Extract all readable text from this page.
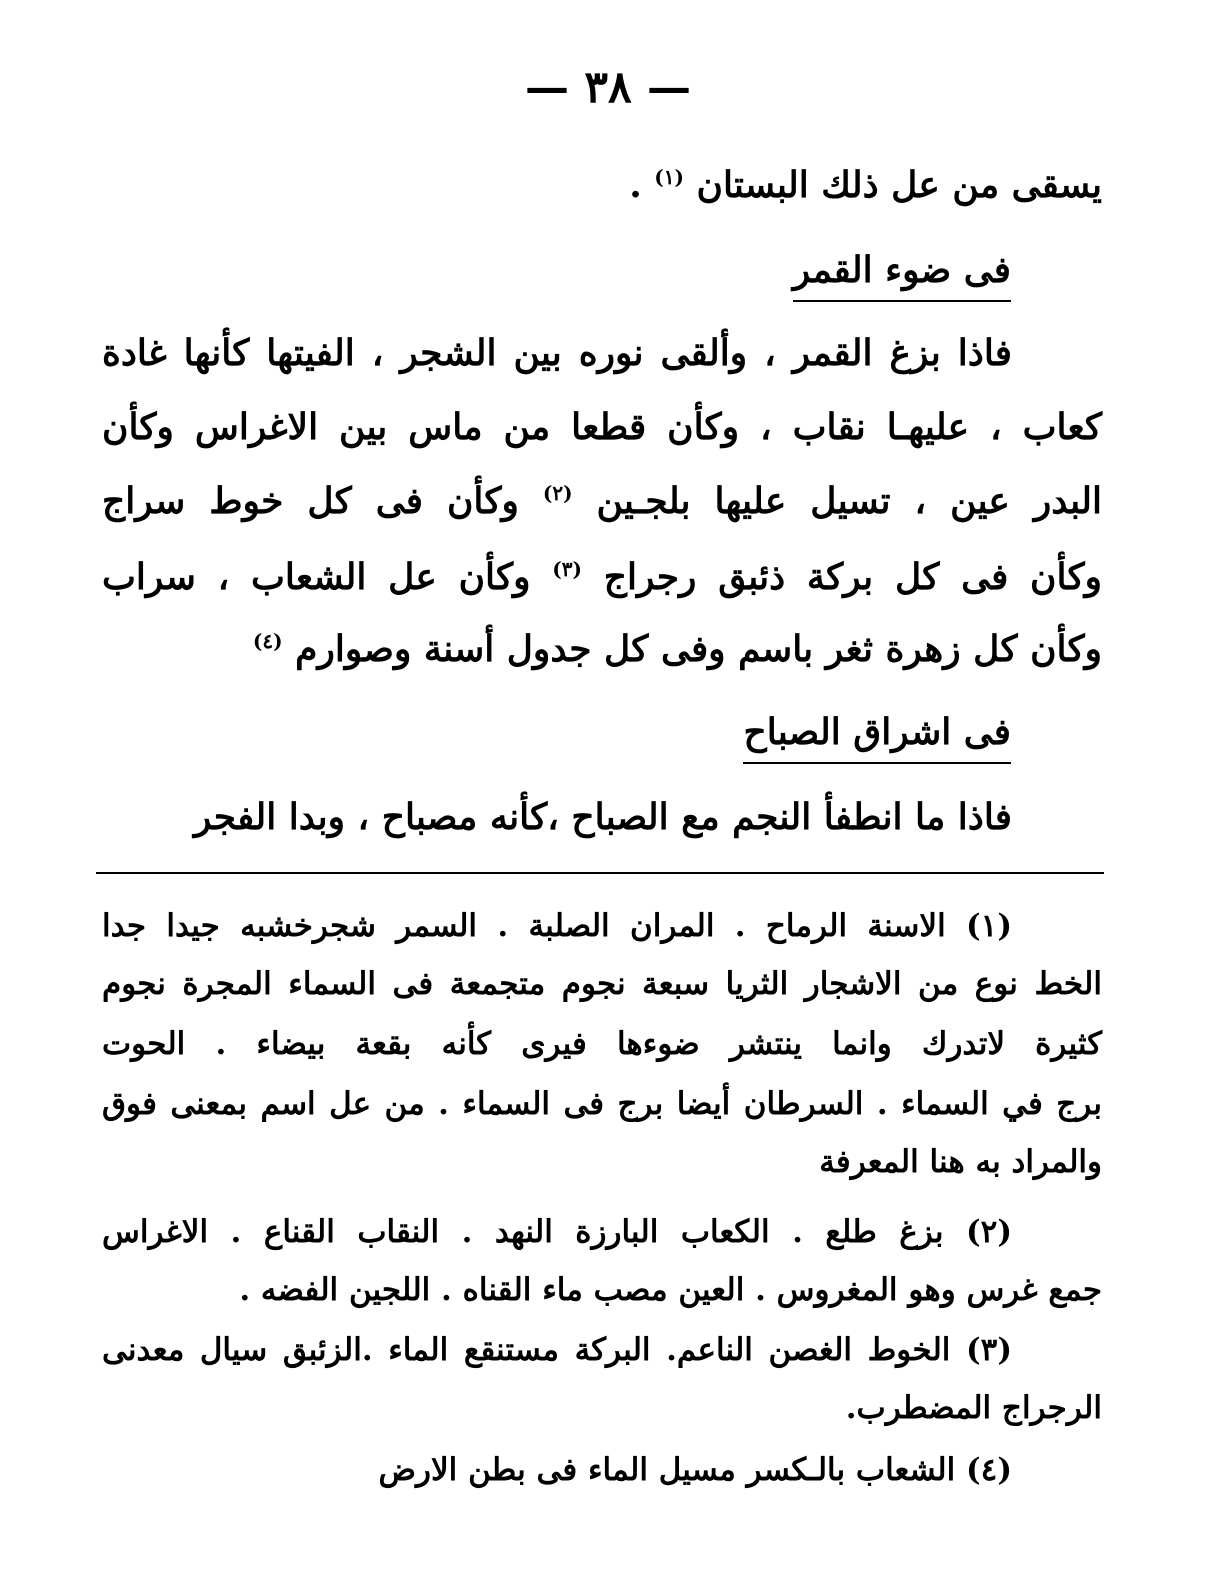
— ٣٨ —
يسقى من عل ذلك البستان $^{(١)}$ .
فى ضوء القمر
فاذا بزغ القمر ، وألقى نوره بين الشجر ، الفيتها كأنها غادة
كعاب ، عليهـا نقاب ، وكأن قطعا من ماس بين الاغراس وكأن
البدر عين ، تسيل عليها بلجـين $^{(٢)}$ وكأن فى كل خوط سراج
وكأن فى كل بركة ذئبق رجراج $^{(٣)}$ وكأن عل الشعاب ، سراب
وكأن كل زهرة ثغر باسم وفى كل جدول أسنة وصوارم $^{(٤)}$
فى اشراق الصباح
فاذا ما انطفأ النجم مع الصباح ،كأنه مصباح ، وبدا الفجر
(١) الاسنة الرماح . المران الصلبة . السمر شجرخشبه جيدا جدا
الخط نوع من الاشجار الثريا سبعة نجوم متجمعة فى السماء المجرة نجوم
كثيرة لاتدرك وانما ينتشر ضوءها فيرى كأنه بقعة بيضاء . الحوت
برج في السماء . السرطان أيضا برج فى السماء . من عل اسم بمعنى فوق
والمراد به هنا المعرفة
(٢) بزغ طلع . الكعاب البارزة النهد . النقاب القناع . الاغراس
جمع غرس وهو المغروس . العين مصب ماء القناه . اللجين الفضه .
(٣) الخوط الغصن الناعم. البركة مستنقع الماء .الزئبق سيال معدنى
الرجراج المضطرب.
(٤) الشعاب بالـكسر مسيل الماء فى بطن الارض
